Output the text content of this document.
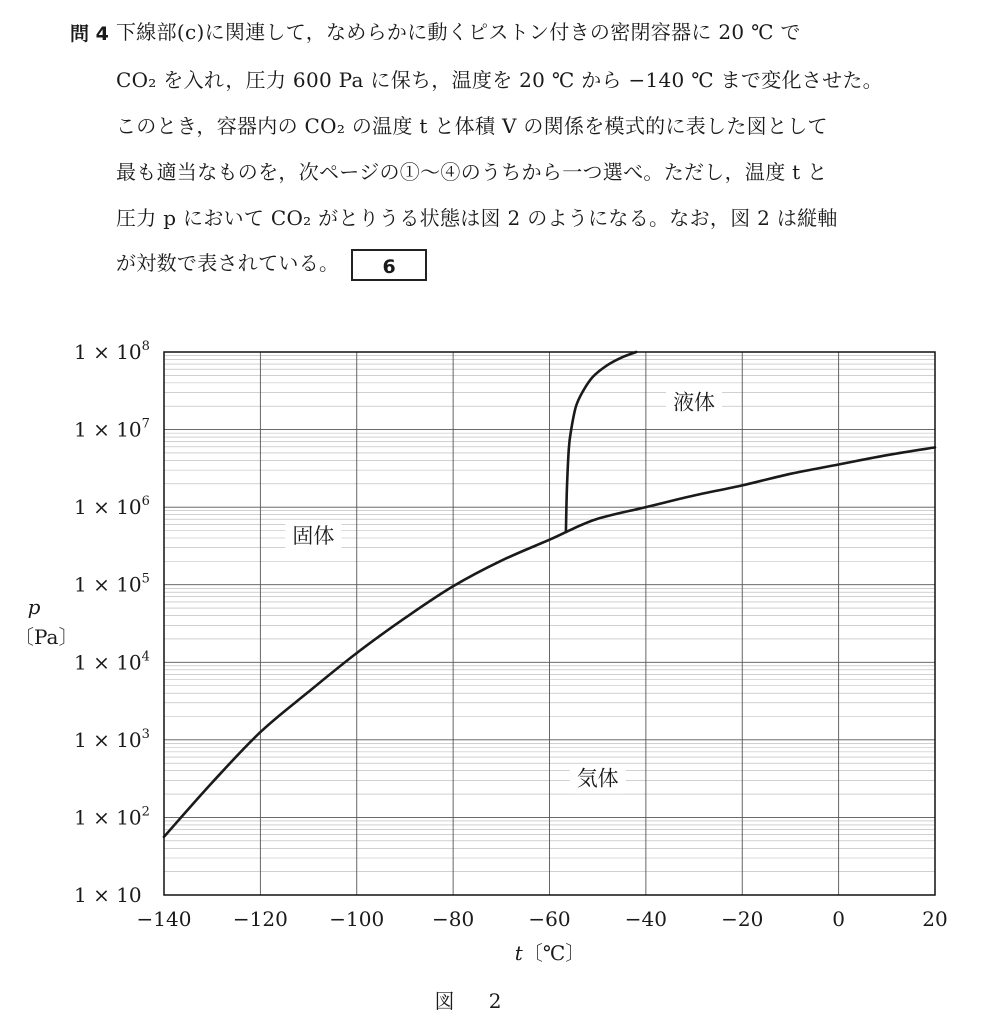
問 4 下線部(c)に関連して，なめらかに動くピストン付きの密閉容器に 20 ℃ で
CO₂ を入れ，圧力 600 Pa に保ち，温度を 20 ℃ から −140 ℃ まで変化させた。
このとき，容器内の CO₂ の温度 t と体積 V の関係を模式的に表した図として
最も適当なものを，次ページの①〜④のうちから一つ選べ。ただし，温度 t と
圧力 p において CO₂ がとりうる状態は図 2 のようになる。なお，図 2 は縦軸
が対数で表されている。 6
固体
液体
気体
−140 −120 −100 −80	−60	−40	−20	0	20
1 × 10
$1 \times 10^2$
$1 \times 10^3$
$1 \times 10^4$
$1 \times 10^5$
$1 \times 10^6$
$1 \times 10^7$
$1 \times 10^8$
p
〔Pa〕
t〔℃〕
図 2
